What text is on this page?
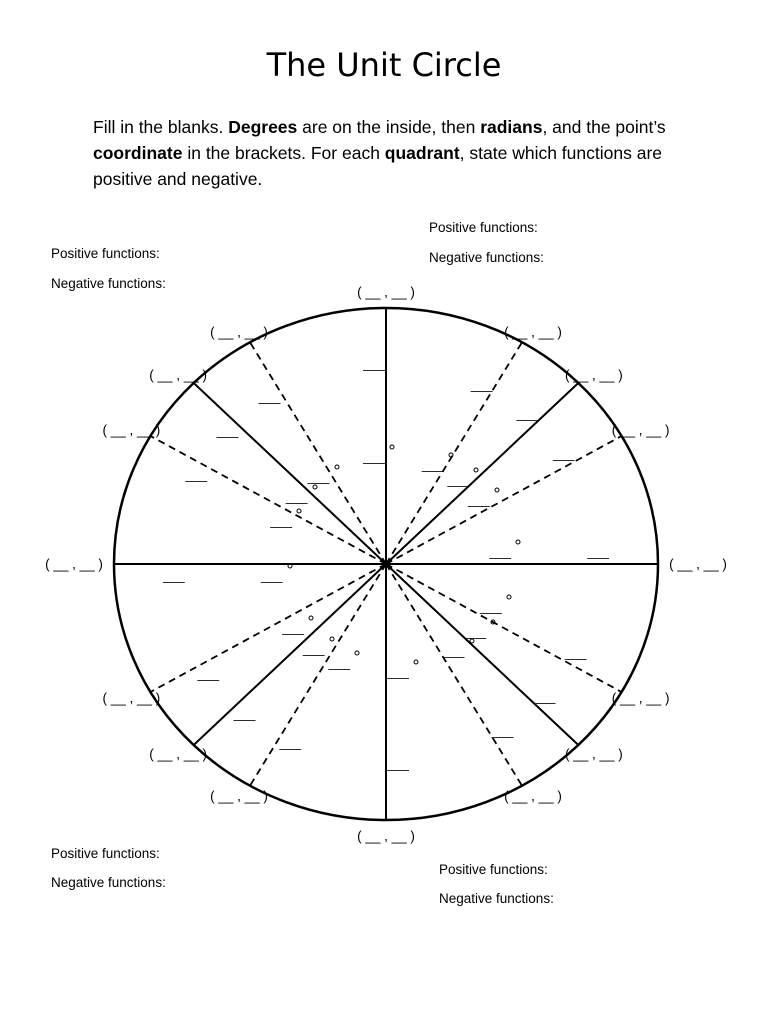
The Unit Circle

Fill in the blanks. Degrees are on the inside, then radians, and the point’s coordinate in the brackets. For each quadrant, state which functions are positive and negative.

Positive functions:
Negative functions:
Positive functions:
Negative functions:
Positive functions:
Negative functions:
Positive functions:
Negative functions:
( __ , __ )
( __ , __ )
( __ , __ )
( __ , __ )
( __ , __ )
( __ , __ )
( __ , __ )
( __ , __ )
( __ , __ )
( __ , __ )
( __ , __ )
( __ , __ )
( __ , __ )
( __ , __ )
( __ , __ )
( __ , __ )
___	___
___
___
___
___
___
___
___
___
___
___
___
___
___
___
___
___
___
___
___
___
___
___
___
___
___
___
___
___
___
___
